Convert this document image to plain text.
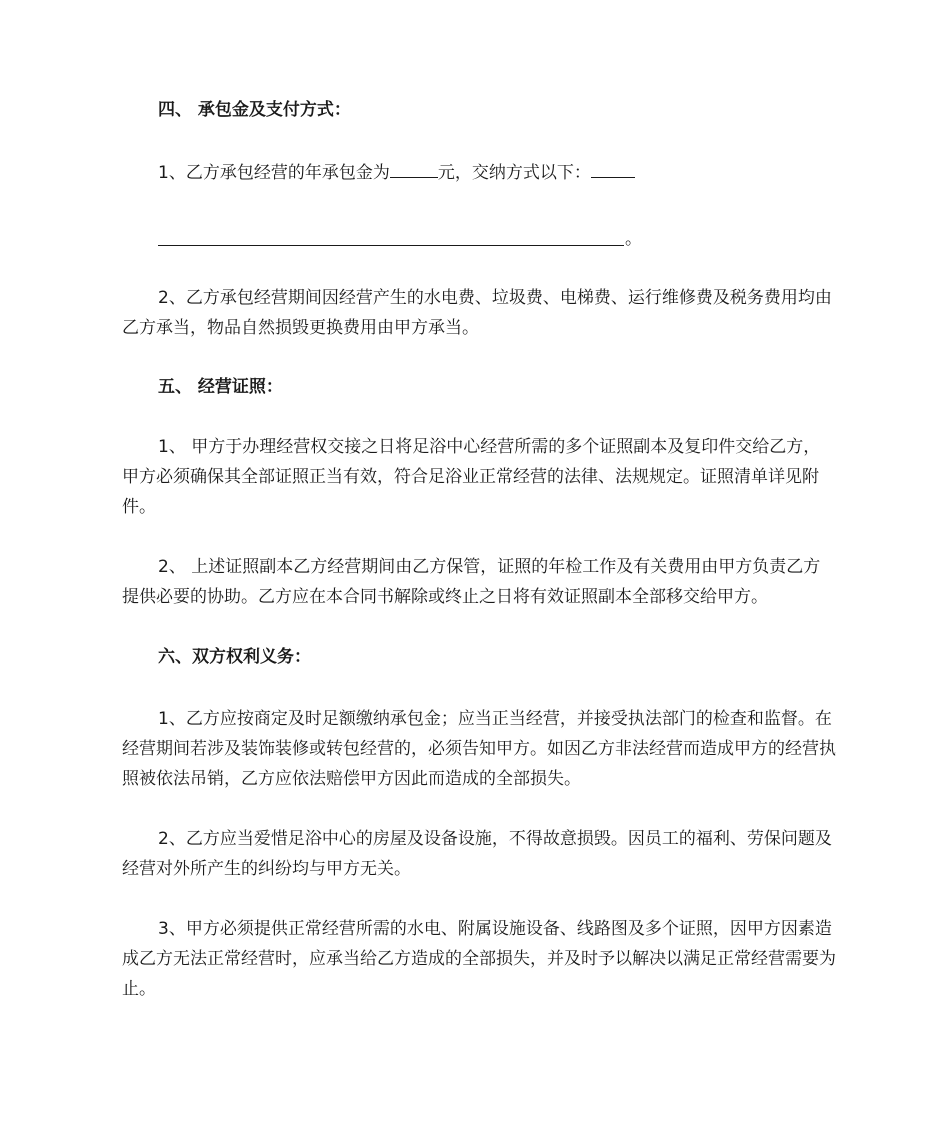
四、 承包金及支付方式：

1、乙方承包经营的年承包金为	元，交纳方式以下：

。

2、乙方承包经营期间因经营产生的水电费、垃圾费、电梯费、运行维修费及税务费用均由乙方承当，物品自然损毁更换费用由甲方承当。

五、 经营证照：

1、 甲方于办理经营权交接之日将足浴中心经营所需的多个证照副本及复印件交给乙方，甲方必须确保其全部证照正当有效，符合足浴业正常经营的法律、法规规定。证照清单详见附件。

2、 上述证照副本乙方经营期间由乙方保管，证照的年检工作及有关费用由甲方负责乙方提供必要的协助。乙方应在本合同书解除或终止之日将有效证照副本全部移交给甲方。

六、双方权利义务：

1、乙方应按商定及时足额缴纳承包金；应当正当经营，并接受执法部门的检查和监督。在经营期间若涉及装饰装修或转包经营的，必须告知甲方。如因乙方非法经营而造成甲方的经营执照被依法吊销，乙方应依法赔偿甲方因此而造成的全部损失。

2、乙方应当爱惜足浴中心的房屋及设备设施，不得故意损毁。因员工的福利、劳保问题及经营对外所产生的纠纷均与甲方无关。

3、甲方必须提供正常经营所需的水电、附属设施设备、线路图及多个证照，因甲方因素造成乙方无法正常经营时，应承当给乙方造成的全部损失，并及时予以解决以满足正常经营需要为止。
